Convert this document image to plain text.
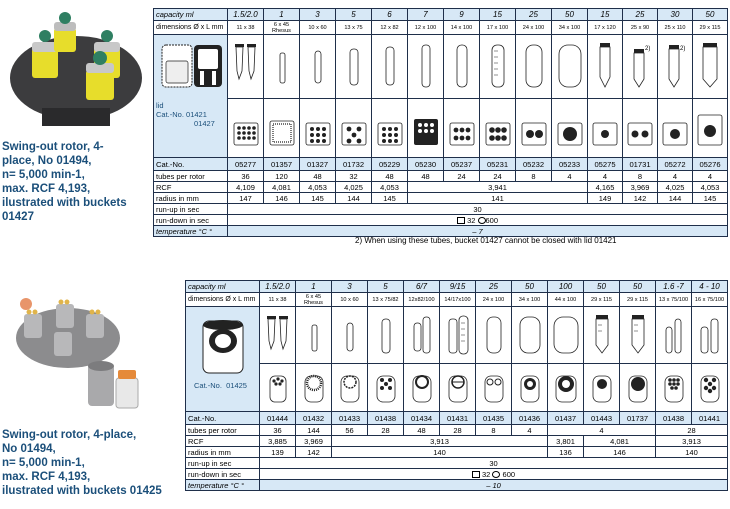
Swing-out rotor, 4-
place, No 01494,
n= 5,000 min-1,
max. RCF 4,193,
ilustrated with buckets
01427
capacity ml	1.5/2.0	1	3	5	6	7	9	15	25	50	15	25	30	50
dimensions Ø x L mm	11 x 38	6 x 45 Rhesus	10 x 60	13 x 75	12 x 82	12 x 100	14 x 100	17 x 100	24 x 100	34 x 100	17 x 120	25 x 90	25 x 110	29 x 115

lid
Cat.-No. 01421
01427												2)	2)

Cat.-No.	05277	01357	01327	01732	05229	05230	05237	05231	05232	05233	05275	01731	05272	05276
tubes per rotor	36	120	48	32	48	48	24	24	8	4	4	8	4	4
RCF	4,109	4,081	4,053	4,025	4,053	3,941					4,165	3,969	4,025	4,053
radius in mm	147	146	145	144	145	141					149	142	144	145
run-up in sec	30													
run-down in sec	32 600													
temperature °C °	– 7													
2) When using these tubes, bucket 01427 cannot be closed with lid 01421
Swing-out rotor, 4-place,
No 01494,
n= 5,000 min-1,
max. RCF 4,193,
ilustrated with buckets 01425
capacity ml	1.5/2.0	1	3	5	6/7	9/15	25	50	100	50	50	1.6 -7	4 - 10
dimensions Ø x L mm	11 x 38	6 x 45 Rhesus	10 x 60	13 x 75/82	12x82/100	14/17x100	24 x 100	34 x 100	44 x 100	29 x 115	29 x 115	13 x 75/100	16 x 75/100

Cat.-No. 01425

Cat.-No.	01444	01432	01433	01438	01434	01431	01435	01436	01437	01443	01737	01438	01441
tubes per rotor	36	144	56	28	48	28	8	4	4			28	
RCF	3,885	3,969	3,913						3,801	4,081		3,913	
radius in mm	139	142	140						136	146		140	
run-up in sec	30												
run-down in sec	32 600												
temperature °C °	– 10												
